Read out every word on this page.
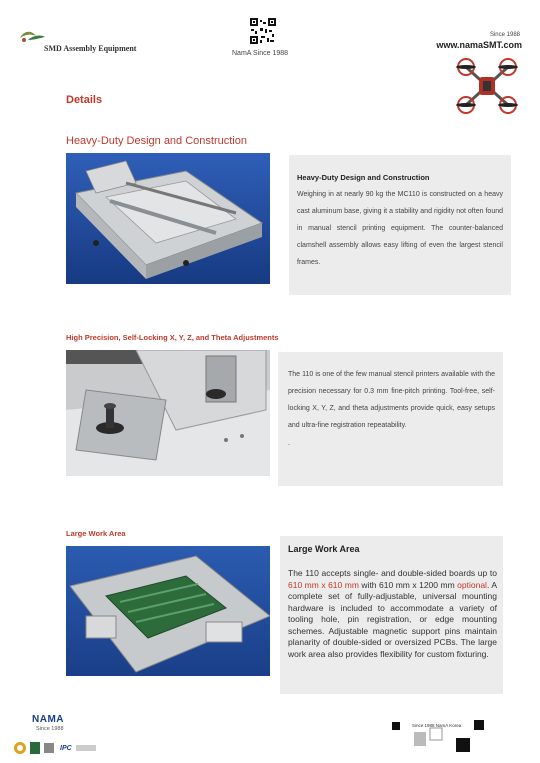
SMD Assembly Equipment
NamA Since 1988
Since 1988
www.namaSMT.com
Details
Heavy-Duty Design and Construction
Heavy-Duty Design and Construction
Weighing in at nearly 90 kg the MC110 is constructed on a heavy cast aluminum base, giving it a stability and rigidity not often found in manual stencil printing equipment. The counter-balanced clamshell assembly allows easy lifting of even the largest stencil frames.
High Precision, Self-Locking X, Y, Z, and Theta Adjustments
The 110 is one of the few manual stencil printers available with the precision necessary for 0.3 mm fine-pitch printing. Tool-free, self-locking X, Y, Z, and theta adjustments provide quick, easy setups and ultra-fine registration repeatability.
.
Large Work Area
Large Work Area
The 110 accepts single- and double-sided boards up to 610 mm x 610 mm with 610 mm x 1200 mm optional. A complete set of fully-adjustable, universal mounting hardware is included to accommodate a variety of tooling hole, pin registration, or edge mounting schemes. Adjustable magnetic support pins maintain planarity of double-sided or oversized PCBs. The large work area also provides flexibility for custom fixturing.
NAMA
Since 1988
IPC
Since 1988 NamA Korea
